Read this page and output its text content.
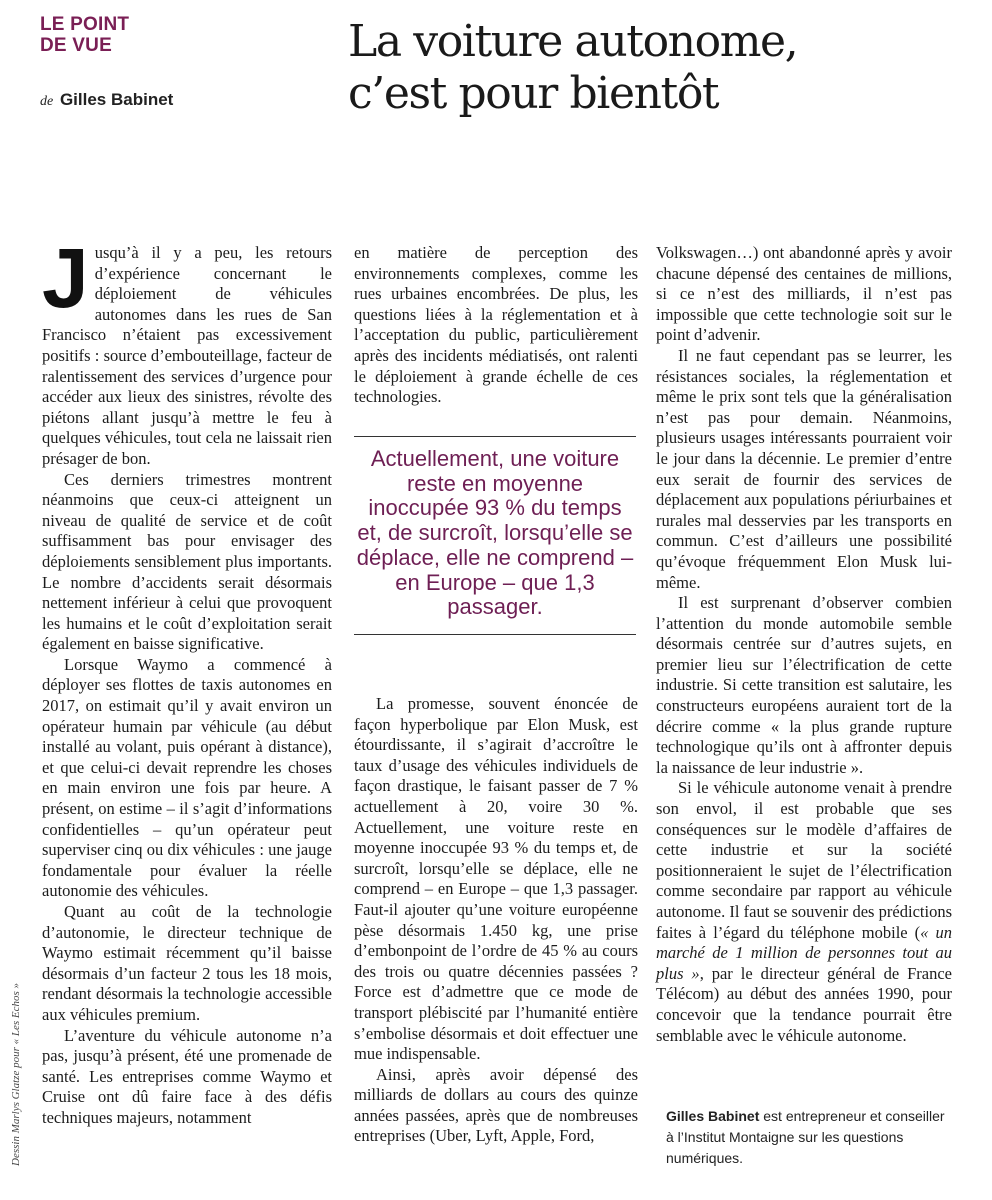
LE POINT
DE VUE
de Gilles Babinet
La voiture autonome,
c’est pour bientôt

Jusqu’à il y a peu, les retours d’expérience concernant le déploiement de véhicules autonomes dans les rues de San Francisco n’étaient pas excessivement positifs : source d’embouteillage, facteur de ralentissement des services d’urgence pour accéder aux lieux des sinistres, révolte des piétons allant jusqu’à mettre le feu à quelques véhicules, tout cela ne laissait rien présager de bon.

Ces derniers trimestres montrent néanmoins que ceux-ci atteignent un niveau de qualité de service et de coût suffisamment bas pour envisager des déploiements sensiblement plus importants. Le nombre d’accidents serait désormais nettement inférieur à celui que provoquent les humains et le coût d’exploitation serait également en baisse significative.

Lorsque Waymo a commencé à déployer ses flottes de taxis autonomes en 2017, on estimait qu’il y avait environ un opérateur humain par véhicule (au début installé au volant, puis opérant à distance), et que celui-ci devait reprendre les choses en main environ une fois par heure. A présent, on estime – il s’agit d’informations confidentielles – qu’un opérateur peut superviser cinq ou dix véhicules : une jauge fondamentale pour évaluer la réelle autonomie des véhicules.

Quant au coût de la technologie d’autonomie, le directeur technique de Waymo estimait récemment qu’il baisse désormais d’un facteur 2 tous les 18 mois, rendant désormais la technologie accessible aux véhicules premium.

L’aventure du véhicule autonome n’a pas, jusqu’à présent, été une promenade de santé. Les entreprises comme Waymo et Cruise ont dû faire face à des défis techniques majeurs, notamment

en matière de perception des environnements complexes, comme les rues urbaines encombrées. De plus, les questions liées à la réglementation et à l’acceptation du public, particulièrement après des incidents médiatisés, ont ralenti le déploiement à grande échelle de ces technologies.

Actuellement, une voiture reste en moyenne inoccupée 93 % du temps et, de surcroît, lorsqu’elle se déplace, elle ne comprend – en Europe – que 1,3 passager.

La promesse, souvent énoncée de façon hyperbolique par Elon Musk, est étourdissante, il s’agirait d’accroître le taux d’usage des véhicules individuels de façon drastique, le faisant passer de 7 % actuellement à 20, voire 30 %. Actuellement, une voiture reste en moyenne inoccupée 93 % du temps et, de surcroît, lorsqu’elle se déplace, elle ne comprend – en Europe – que 1,3 passager. Faut-il ajouter qu’une voiture européenne pèse désormais 1.450 kg, une prise d’embonpoint de l’ordre de 45 % au cours des trois ou quatre décennies passées ? Force est d’admettre que ce mode de transport plébiscité par l’humanité entière s’embolise désormais et doit effectuer une mue indispensable.

Ainsi, après avoir dépensé des milliards de dollars au cours des quinze années passées, après que de nombreuses entreprises (Uber, Lyft, Apple, Ford,

Volkswagen…) ont abandonné après y avoir chacune dépensé des centaines de millions, si ce n’est des milliards, il n’est pas impossible que cette technologie soit sur le point d’advenir.

Il ne faut cependant pas se leurrer, les résistances sociales, la réglementation et même le prix sont tels que la généralisation n’est pas pour demain. Néanmoins, plusieurs usages intéressants pourraient voir le jour dans la décennie. Le premier d’entre eux serait de fournir des services de déplacement aux populations périurbaines et rurales mal desservies par les transports en commun. C’est d’ailleurs une possibilité qu’évoque fréquemment Elon Musk lui-même.

Il est surprenant d’observer combien l’attention du monde automobile semble désormais centrée sur d’autres sujets, en premier lieu sur l’électrification de cette industrie. Si cette transition est salutaire, les constructeurs européens auraient tort de la décrire comme « la plus grande rupture technologique qu’ils ont à affronter depuis la naissance de leur industrie ».

Si le véhicule autonome venait à prendre son envol, il est probable que ses conséquences sur le modèle d’affaires de cette industrie et sur la société positionneraient le sujet de l’électrification comme secondaire par rapport au véhicule autonome. Il faut se souvenir des prédictions faites à l’égard du téléphone mobile (« un marché de 1 million de personnes tout au plus », par le directeur général de France Télécom) au début des années 1990, pour concevoir que la tendance pourrait être semblable avec le véhicule autonome.

Gilles Babinet est entrepreneur et conseiller à l’Institut Montaigne sur les questions numériques.
Dessin Marlys Glatze pour « Les Echos »
